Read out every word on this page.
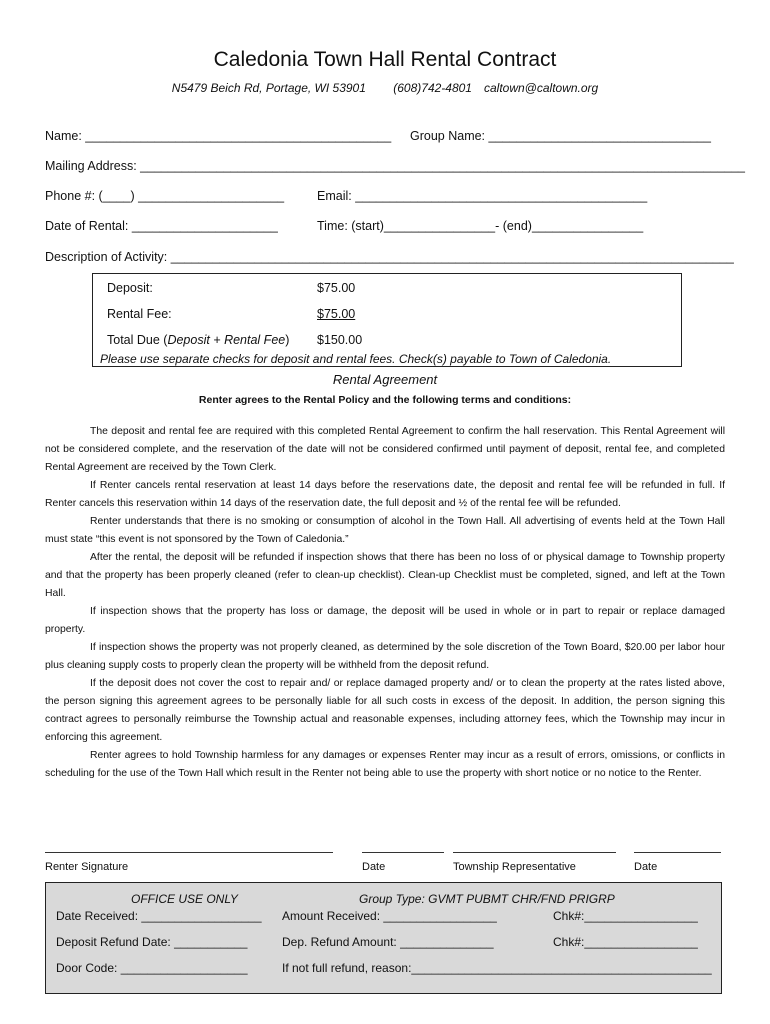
Caledonia Town Hall Rental Contract
N5479 Beich Rd, Portage, WI 53901 (608)742-4801 caltown@caltown.org
Name: ____________________________________________ Group Name: ________________________________
Mailing Address: _______________________________________________________________________________________
Phone #: (____) _____________________	Email: __________________________________________
Date of Rental: _____________________	Time: (start)________________- (end)________________
Description of Activity: _________________________________________________________________________________
Deposit:	$75.00
Rental Fee:	$75.00
Total Due (Deposit + Rental Fee) $150.00
Please use separate checks for deposit and rental fees. Check(s) payable to Town of Caledonia.
Rental Agreement
Renter agrees to the Rental Policy and the following terms and conditions:

The deposit and rental fee are required with this completed Rental Agreement to confirm the hall reservation. This Rental Agreement will not be considered complete, and the reservation of the date will not be considered confirmed until payment of deposit, rental fee, and completed Rental Agreement are received by the Town Clerk.

If Renter cancels rental reservation at least 14 days before the reservations date, the deposit and rental fee will be refunded in full. If Renter cancels this reservation within 14 days of the reservation date, the full deposit and ½ of the rental fee will be refunded.

Renter understands that there is no smoking or consumption of alcohol in the Town Hall. All advertising of events held at the Town Hall must state “this event is not sponsored by the Town of Caledonia.”

After the rental, the deposit will be refunded if inspection shows that there has been no loss of or physical damage to Township property and that the property has been properly cleaned (refer to clean-up checklist). Clean-up Checklist must be completed, signed, and left at the Town Hall.

If inspection shows that the property has loss or damage, the deposit will be used in whole or in part to repair or replace damaged property.

If inspection shows the property was not properly cleaned, as determined by the sole discretion of the Town Board, $20.00 per labor hour plus cleaning supply costs to properly clean the property will be withheld from the deposit refund.

If the deposit does not cover the cost to repair and/ or replace damaged property and/ or to clean the property at the rates listed above, the person signing this agreement agrees to be personally liable for all such costs in excess of the deposit. In addition, the person signing this contract agrees to personally reimburse the Township actual and reasonable expenses, including attorney fees, which the Township may incur in enforcing this agreement.

Renter agrees to hold Township harmless for any damages or expenses Renter may incur as a result of errors, omissions, or conflicts in scheduling for the use of the Town Hall which result in the Renter not being able to use the property with short notice or no notice to the Renter.

Renter Signature	Date	Township Representative	Date
OFFICE USE ONLY	Group Type: GVMT PUBMT CHR/FND PRIGRP
Date Received: __________________ Amount Received: _________________	Chk#:_________________
Deposit Refund Date: ___________	Dep. Refund Amount: ______________	Chk#:_________________
Door Code: ___________________	If not full refund, reason:_____________________________________________
